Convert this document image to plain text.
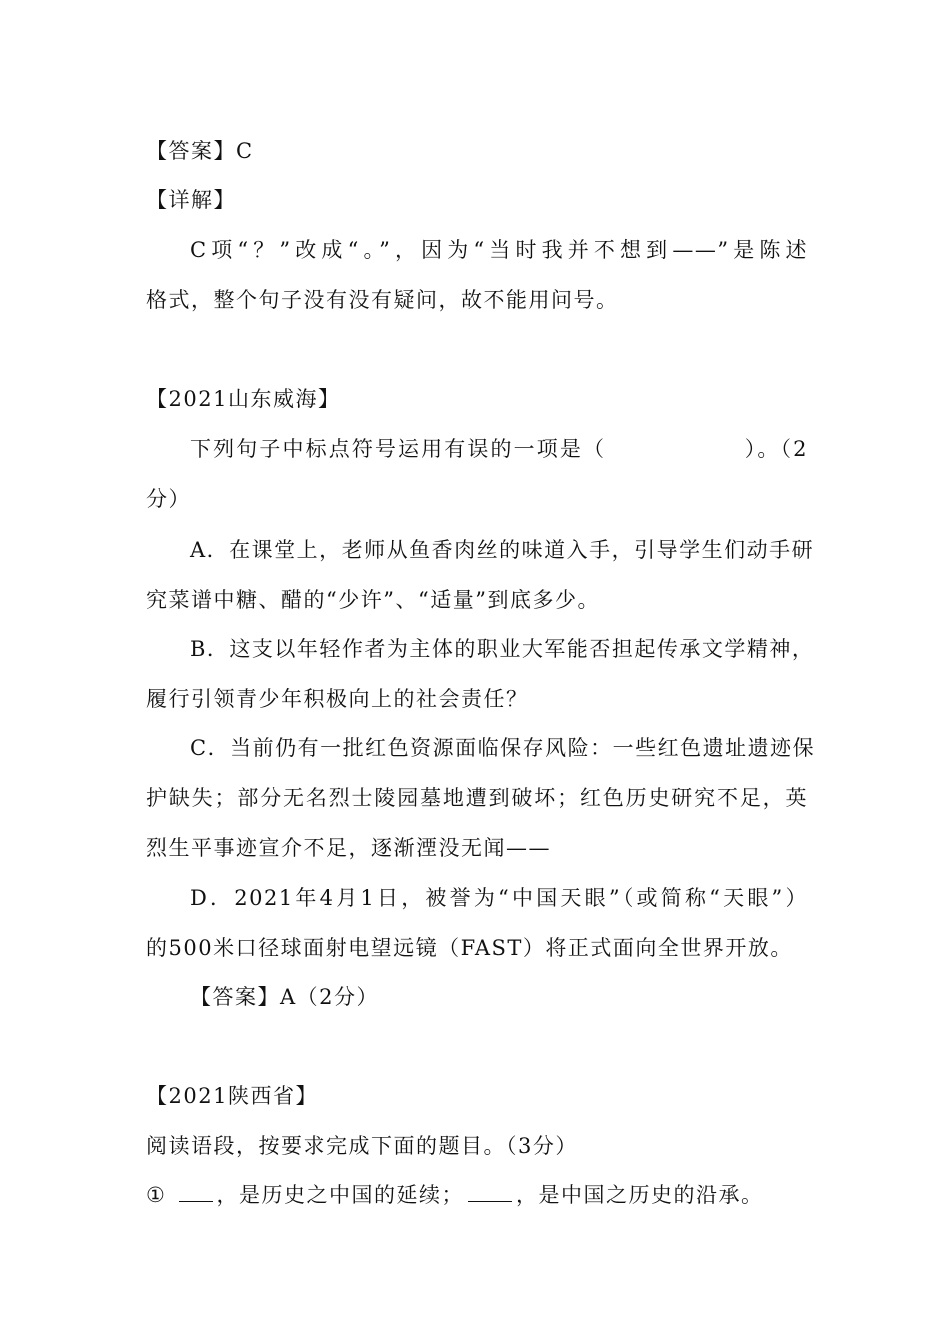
【答案】C
【详解】
C项“？”改成“。”，因为“当时我并不想到——”是陈述
格式，整个句子没有没有疑问，故不能用问号。
【2021山东威海】
下列句子中标点符号运用有误的一项是（　　　　　　）。（2
分）
A．在课堂上，老师从鱼香肉丝的味道入手，引导学生们动手研
究菜谱中糖、醋的“少许”、“适量”到底多少。
B．这支以年轻作者为主体的职业大军能否担起传承文学精神，
履行引领青少年积极向上的社会责任？
C．当前仍有一批红色资源面临保存风险：一些红色遗址遗迹保
护缺失；部分无名烈士陵园墓地遭到破坏；红色历史研究不足，英
烈生平事迹宣介不足，逐渐湮没无闻——
D．2021年4月1日，被誉为“中国天眼”（或简称“天眼”）
的500米口径球面射电望远镜（FAST）将正式面向全世界开放。
【答案】A（2分）
【2021陕西省】
阅读语段，按要求完成下面的题目。（3分）
① ，是历史之中国的延续； ，是中国之历史的沿承。
